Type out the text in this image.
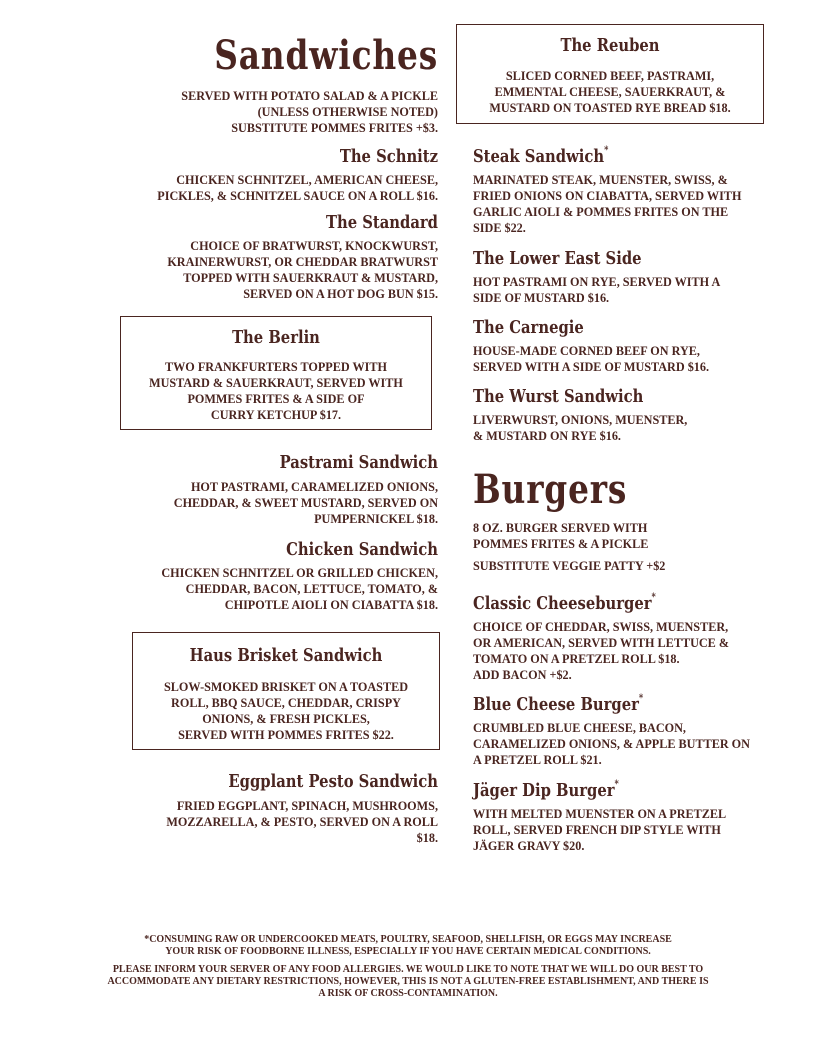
Sandwiches
SERVED WITH POTATO SALAD & A PICKLE
(UNLESS OTHERWISE NOTED)
SUBSTITUTE POMMES FRITES +$3.
The Schnitz
CHICKEN SCHNITZEL, AMERICAN CHEESE,
PICKLES, & SCHNITZEL SAUCE ON A ROLL $16.
The Standard
CHOICE OF BRATWURST, KNOCKWURST,
KRAINERWURST, OR CHEDDAR BRATWURST
TOPPED WITH SAUERKRAUT & MUSTARD,
SERVED ON A HOT DOG BUN $15.
The Berlin
TWO FRANKFURTERS TOPPED WITH
MUSTARD & SAUERKRAUT, SERVED WITH
POMMES FRITES & A SIDE OF
CURRY KETCHUP $17.
Pastrami Sandwich
HOT PASTRAMI, CARAMELIZED ONIONS,
CHEDDAR, & SWEET MUSTARD, SERVED ON
PUMPERNICKEL $18.
Chicken Sandwich
CHICKEN SCHNITZEL OR GRILLED CHICKEN,
CHEDDAR, BACON, LETTUCE, TOMATO, &
CHIPOTLE AIOLI ON CIABATTA $18.
Haus Brisket Sandwich
SLOW-SMOKED BRISKET ON A TOASTED
ROLL, BBQ SAUCE, CHEDDAR, CRISPY
ONIONS, & FRESH PICKLES,
SERVED WITH POMMES FRITES $22.
Eggplant Pesto Sandwich
FRIED EGGPLANT, SPINACH, MUSHROOMS,
MOZZARELLA, & PESTO, SERVED ON A ROLL
$18.
The Reuben
SLICED CORNED BEEF, PASTRAMI,
EMMENTAL CHEESE, SAUERKRAUT, &
MUSTARD ON TOASTED RYE BREAD $18.
Steak Sandwich*
MARINATED STEAK, MUENSTER, SWISS, &
FRIED ONIONS ON CIABATTA, SERVED WITH
GARLIC AIOLI & POMMES FRITES ON THE
SIDE $22.
The Lower East Side
HOT PASTRAMI ON RYE, SERVED WITH A
SIDE OF MUSTARD $16.
The Carnegie
HOUSE-MADE CORNED BEEF ON RYE,
SERVED WITH A SIDE OF MUSTARD $16.
The Wurst Sandwich
LIVERWURST, ONIONS, MUENSTER,
& MUSTARD ON RYE $16.
Burgers
8 OZ. BURGER SERVED WITH
POMMES FRITES & A PICKLE
SUBSTITUTE VEGGIE PATTY +$2
Classic Cheeseburger*
CHOICE OF CHEDDAR, SWISS, MUENSTER,
OR AMERICAN, SERVED WITH LETTUCE &
TOMATO ON A PRETZEL ROLL $18.
ADD BACON +$2.
Blue Cheese Burger*
CRUMBLED BLUE CHEESE, BACON,
CARAMELIZED ONIONS, & APPLE BUTTER ON
A PRETZEL ROLL $21.
Jäger Dip Burger*
WITH MELTED MUENSTER ON A PRETZEL
ROLL, SERVED FRENCH DIP STYLE WITH
JÄGER GRAVY $20.
*CONSUMING RAW OR UNDERCOOKED MEATS, POULTRY, SEAFOOD, SHELLFISH, OR EGGS MAY INCREASE
YOUR RISK OF FOODBORNE ILLNESS, ESPECIALLY IF YOU HAVE CERTAIN MEDICAL CONDITIONS.
PLEASE INFORM YOUR SERVER OF ANY FOOD ALLERGIES. WE WOULD LIKE TO NOTE THAT WE WILL DO OUR BEST TO
ACCOMMODATE ANY DIETARY RESTRICTIONS, HOWEVER, THIS IS NOT A GLUTEN-FREE ESTABLISHMENT, AND THERE IS
A RISK OF CROSS-CONTAMINATION.
